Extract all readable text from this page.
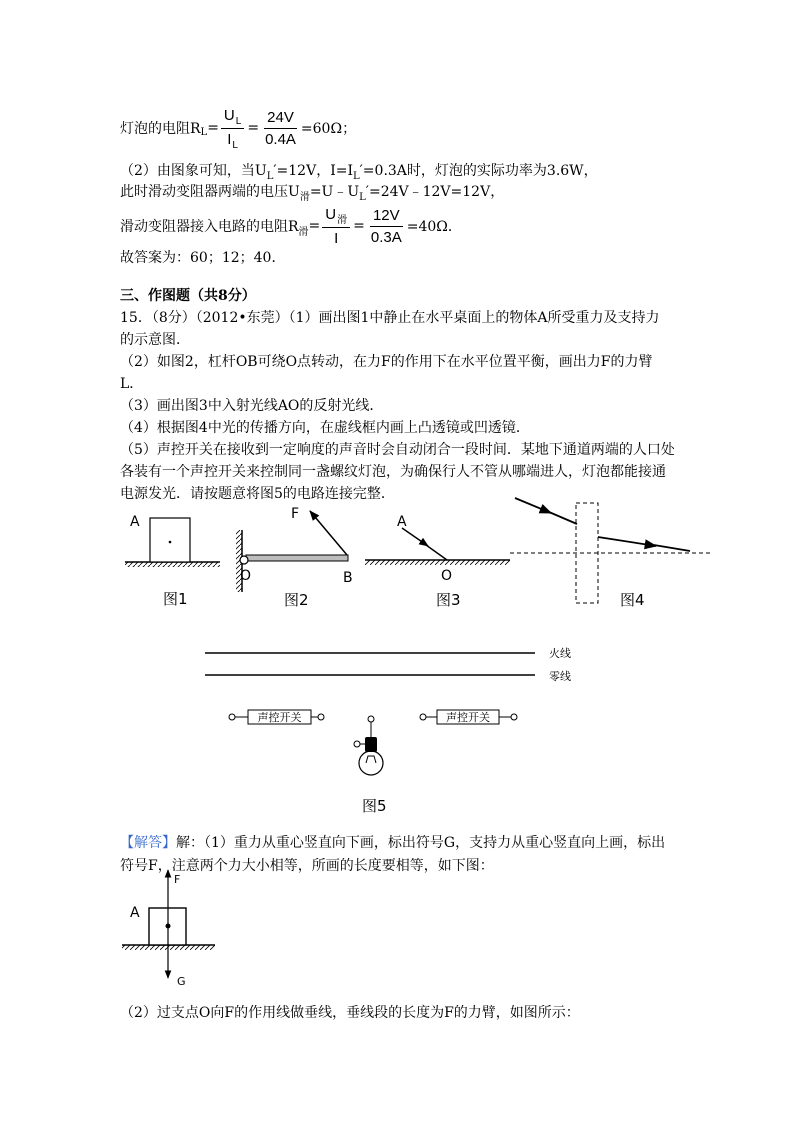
灯泡的电阻R $L = \frac{U_L}{I_L} = \frac{24V}{0.4A} =60\Omega$；
（2）由图象可知，当$U_L'=12V$，$I=I_L'=0.3A$时，灯泡的实际功率为3.6W，
此时滑动变阻器两端的电压$U_滑=U﹣U_L'=24V﹣12V=12V$，
滑动变阻器接入电路的电阻R 滑 = $\frac{U_滑}{I} = \frac{12V}{0.3A} =40\Omega$．
故答案为：60；12；40．
三、作图题（共8分）
15．（8分）（2012•东莞）（1）画出图1中静止在水平桌面上的物体A所受重力及支持力
的示意图．
（2）如图2，杠杆OB可绕O点转动，在力F的作用下在水平位置平衡，画出力F的力臂
L．
（3）画出图3中入射光线AO的反射光线．
（4）根据图4中光的传播方向，在虚线框内画上凸透镜或凹透镜．
（5）声控开关在接收到一定响度的声音时会自动闭合一段时间．某地下通道两端的人口处
各装有一个声控开关来控制同一盏螺纹灯泡，为确保行人不管从哪端进人，灯泡都能接通
电源发光．请按题意将图5的电路连接完整．
A
图1
F
O	B
图2
A
O
图3	图4
火线
零线
声控开关	声控开关
图5
【解答】解：（1）重力从重心竖直向下画，标出符号G，支持力从重心竖直向上画，标出
符号F，注意两个力大小相等，所画的长度要相等，如下图：
A
F
G
（2）过支点O向F的作用线做垂线，垂线段的长度为F的力臂，如图所示：
